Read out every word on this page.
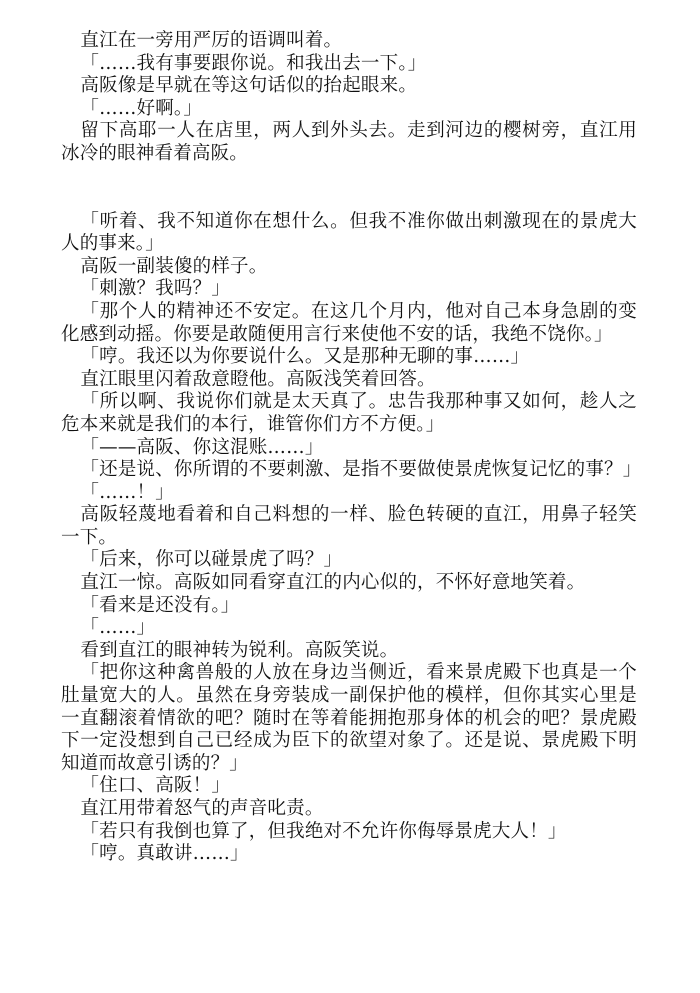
直江在一旁用严厉的语调叫着。

「……我有事要跟你说。和我出去一下。」

高阪像是早就在等这句话似的抬起眼来。

「……好啊。」

留下高耶一人在店里，两人到外头去。走到河边的樱树旁，直江用冰冷的眼神看着高阪。

「听着、我不知道你在想什么。但我不准你做出刺激现在的景虎大人的事来。」

高阪一副装傻的样子。

「刺激？我吗？」

「那个人的精神还不安定。在这几个月内，他对自己本身急剧的变化感到动摇。你要是敢随便用言行来使他不安的话，我绝不饶你。」

「哼。我还以为你要说什么。又是那种无聊的事……」

直江眼里闪着敌意瞪他。高阪浅笑着回答。

「所以啊、我说你们就是太天真了。忠告我那种事又如何，趁人之危本来就是我们的本行，谁管你们方不方便。」

「——高阪、你这混账……」

「还是说、你所谓的不要刺激、是指不要做使景虎恢复记忆的事？」

「……！」

高阪轻蔑地看着和自己料想的一样、脸色转硬的直江，用鼻子轻笑一下。

「后来，你可以碰景虎了吗？」

直江一惊。高阪如同看穿直江的内心似的，不怀好意地笑着。

「看来是还没有。」

「……」

看到直江的眼神转为锐利。高阪笑说。

「把你这种禽兽般的人放在身边当侧近，看来景虎殿下也真是一个肚量宽大的人。虽然在身旁装成一副保护他的模样，但你其实心里是一直翻滚着情欲的吧？随时在等着能拥抱那身体的机会的吧？景虎殿下一定没想到自己已经成为臣下的欲望对象了。还是说、景虎殿下明知道而故意引诱的？」

「住口、高阪！」

直江用带着怒气的声音叱责。

「若只有我倒也算了，但我绝对不允许你侮辱景虎大人！」

「哼。真敢讲……」
